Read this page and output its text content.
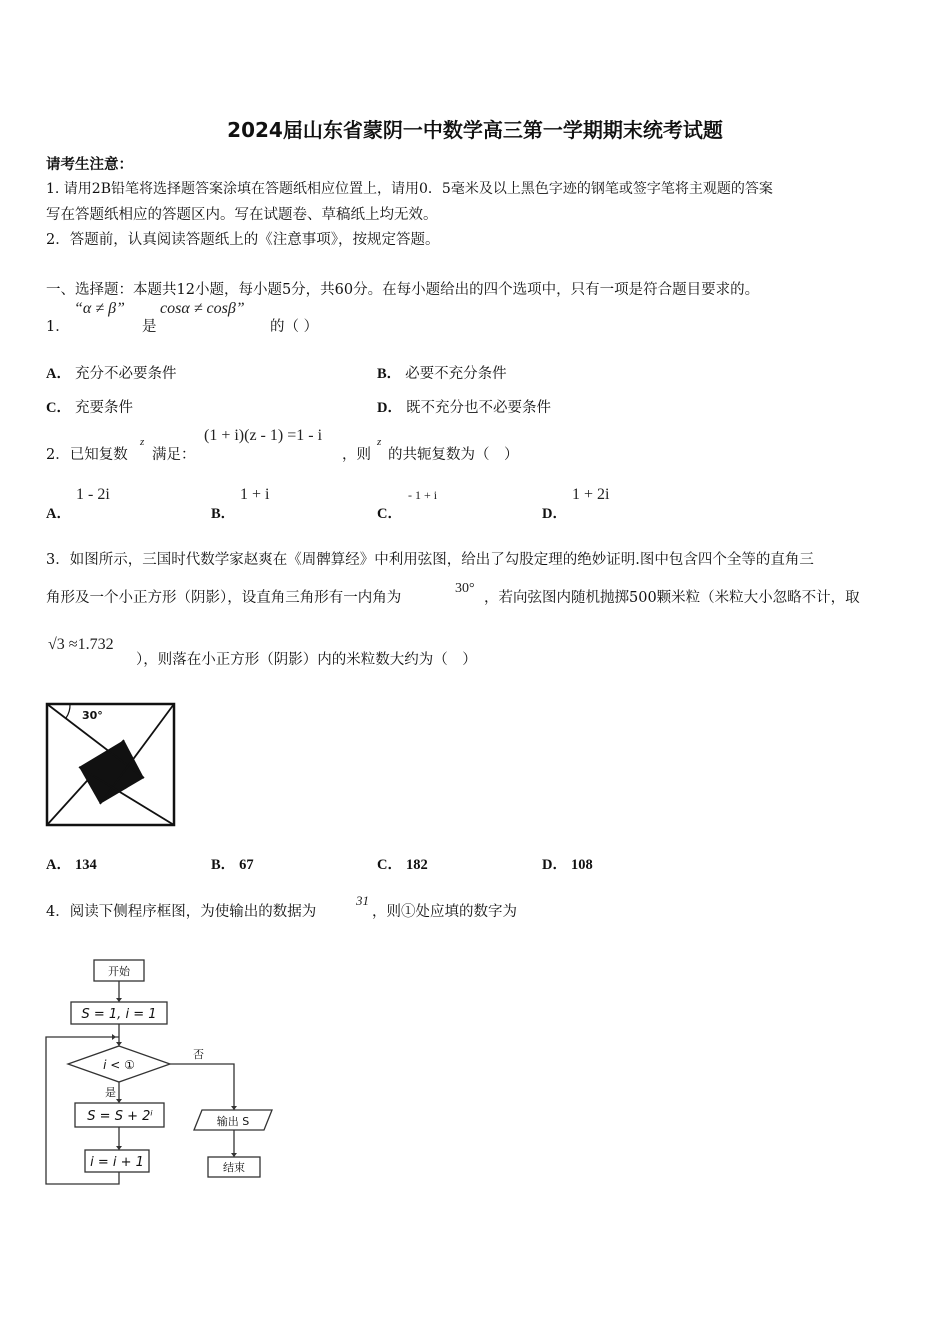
2024届山东省蒙阴一中数学高三第一学期期末统考试题
请考生注意：
1. 请用2B铅笔将选择题答案涂填在答题纸相应位置上，请用0．5毫米及以上黑色字迹的钢笔或签字笔将主观题的答案
写在答题纸相应的答题区内。写在试题卷、草稿纸上均无效。
2．答题前，认真阅读答题纸上的《注意事项》，按规定答题。
一、选择题：本题共12小题，每小题5分，共60分。在每小题给出的四个选项中，只有一项是符合题目要求的。
1．
“α ≠ β”
是
cosα ≠ cosβ”
的（ ）
A． 充分不必要条件	B． 必要不充分条件
C． 充要条件	D． 既不充分也不必要条件
2．已知复数
z
满足：
(1 + i)(z - 1) =1 - i
，则
z
的共轭复数为（　）
A．
1 - 2i
B．
1 + i
C．
- 1 + i
D．
1 + 2i
3．如图所示，三国时代数学家赵爽在《周髀算经》中利用弦图，给出了勾股定理的绝妙证明.图中包含四个全等的直角三
角形及一个小正方形（阴影），设直角三角形有一内角为
30°
，若向弦图内随机抛掷500颗米粒（米粒大小忽略不计，取
√3 ≈1.732
），则落在小正方形（阴影）内的米粒数大约为（　）
30°
A． 134	B． 67	C． 182	D． 108
4．阅读下侧程序框图，为使输出的数据为
31
，则①处应填的数字为
开始
S = 1, i = 1
i < ①
是
否
S = S + 2ⁱ
i = i + 1
输出 S
结束
